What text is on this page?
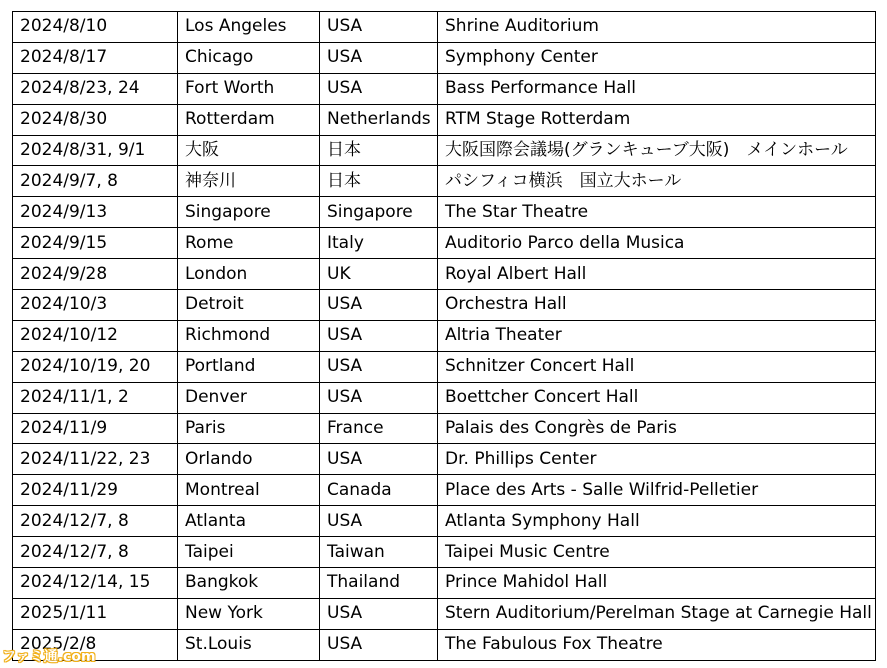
2024/8/10	Los Angeles	USA	Shrine Auditorium
2024/8/17	Chicago	USA	Symphony Center
2024/8/23, 24	Fort Worth	USA	Bass Performance Hall
2024/8/30	Rotterdam	Netherlands	RTM Stage Rotterdam
2024/8/31, 9/1	大阪	日本	大阪国際会議場(グランキューブ大阪)　メインホール
2024/9/7, 8	神奈川	日本	パシフィコ横浜　国立大ホール
2024/9/13	Singapore	Singapore	The Star Theatre
2024/9/15	Rome	Italy	Auditorio Parco della Musica
2024/9/28	London	UK	Royal Albert Hall
2024/10/3	Detroit	USA	Orchestra Hall
2024/10/12	Richmond	USA	Altria Theater
2024/10/19, 20	Portland	USA	Schnitzer Concert Hall
2024/11/1, 2	Denver	USA	Boettcher Concert Hall
2024/11/9	Paris	France	Palais des Congrès de Paris
2024/11/22, 23	Orlando	USA	Dr. Phillips Center
2024/11/29	Montreal	Canada	Place des Arts - Salle Wilfrid-Pelletier
2024/12/7, 8	Atlanta	USA	Atlanta Symphony Hall
2024/12/7, 8	Taipei	Taiwan	Taipei Music Centre
2024/12/14, 15	Bangkok	Thailand	Prince Mahidol Hall
2025/1/11	New York	USA	Stern Auditorium/Perelman Stage at Carnegie Hall
2025/2/8	St.Louis	USA	The Fabulous Fox Theatre
ファミ通.com
